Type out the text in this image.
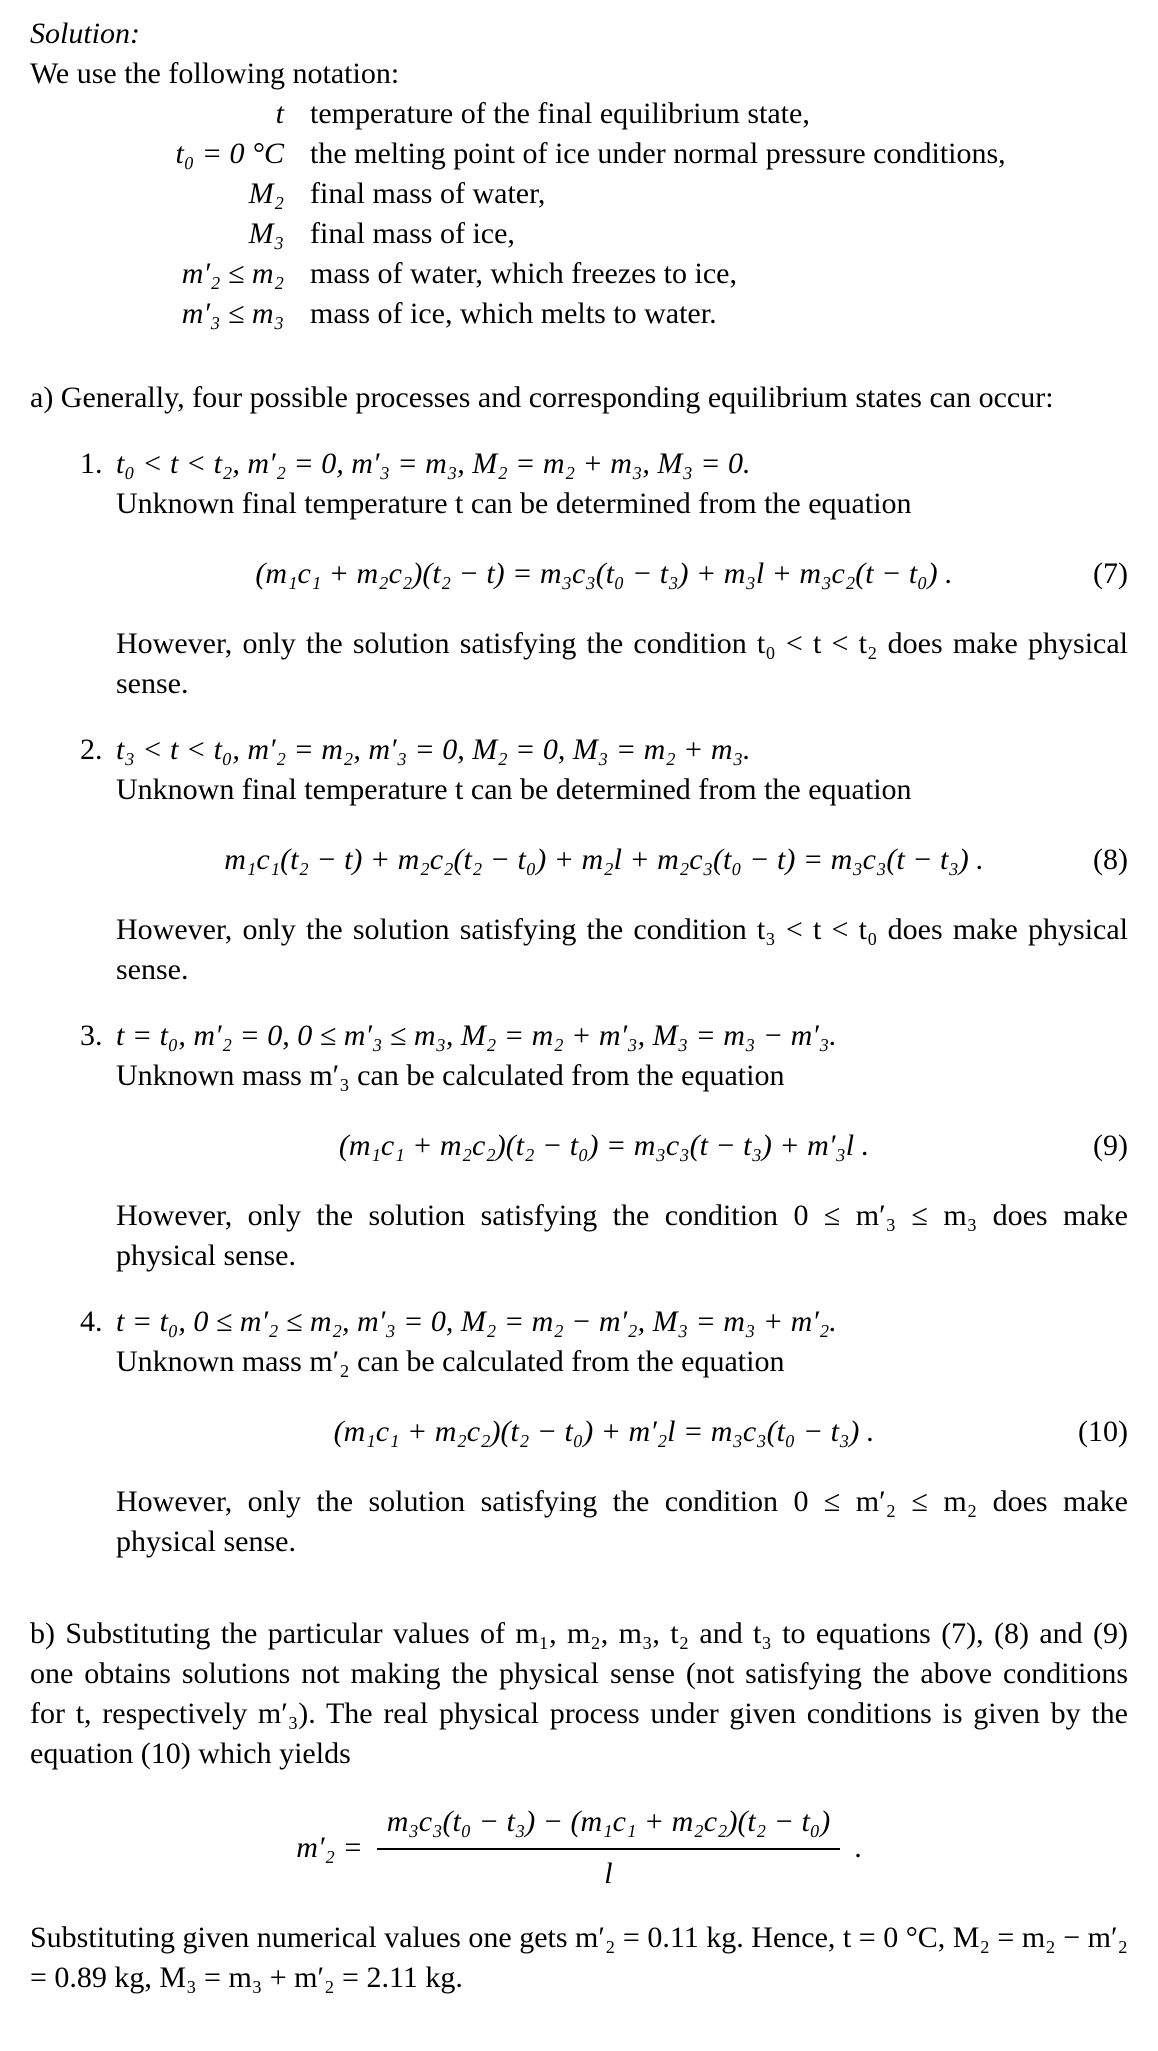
Solution:
We use the following notation:
t temperature of the final equilibrium state,
t₀ = 0 °C the melting point of ice under normal pressure conditions,
M₂ final mass of water,
M₃ final mass of ice,
m′₂ ≤ m₂ mass of water, which freezes to ice,
m′₃ ≤ m₃ mass of ice, which melts to water.
a) Generally, four possible processes and corresponding equilibrium states can occur:
1. t₀ < t < t₂, m′₂ = 0, m′₃ = m₃, M₂ = m₂ + m₃, M₃ = 0.
Unknown final temperature t can be determined from the equation
(m₁c₁ + m₂c₂)(t₂ − t) = m₃c₃(t₀ − t₃) + m₃l + m₃c₂(t − t₀) .	(7)
However, only the solution satisfying the condition t₀ < t < t₂ does make physical sense.
2. t₃ < t < t₀, m′₂ = m₂, m′₃ = 0, M₂ = 0, M₃ = m₂ + m₃.
Unknown final temperature t can be determined from the equation
m₁c₁(t₂ − t) + m₂c₂(t₂ − t₀) + m₂l + m₂c₃(t₀ − t) = m₃c₃(t − t₃) .	(8)
However, only the solution satisfying the condition t₃ < t < t₀ does make physical sense.
3. t = t₀, m′₂ = 0, 0 ≤ m′₃ ≤ m₃, M₂ = m₂ + m′₃, M₃ = m₃ − m′₃.
Unknown mass m′₃ can be calculated from the equation
(m₁c₁ + m₂c₂)(t₂ − t₀) = m₃c₃(t − t₃) + m′₃l .	(9)
However, only the solution satisfying the condition 0 ≤ m′₃ ≤ m₃ does make physical sense.
4. t = t₀, 0 ≤ m′₂ ≤ m₂, m′₃ = 0, M₂ = m₂ − m′₂, M₃ = m₃ + m′₂.
Unknown mass m′₂ can be calculated from the equation
(m₁c₁ + m₂c₂)(t₂ − t₀) + m′₂l = m₃c₃(t₀ − t₃) .	(10)
However, only the solution satisfying the condition 0 ≤ m′₂ ≤ m₂ does make physical sense.
b) Substituting the particular values of m₁, m₂, m₃, t₂ and t₃ to equations (7), (8) and (9) one obtains solutions not making the physical sense (not satisfying the above conditions for t, respectively m′₃). The real physical process under given conditions is given by the equation (10) which yields
$m'_2 = \frac{\text{m₃c₃(t₀ − t₃) − (m₁c₁ + m₂c₂)(t₂ − t₀)}}{l}$ .
Substituting given numerical values one gets m′₂ = 0.11 kg. Hence, t = 0 °C, M₂ = m₂ − m′₂ = 0.89 kg, M₃ = m₃ + m′₂ = 2.11 kg.
